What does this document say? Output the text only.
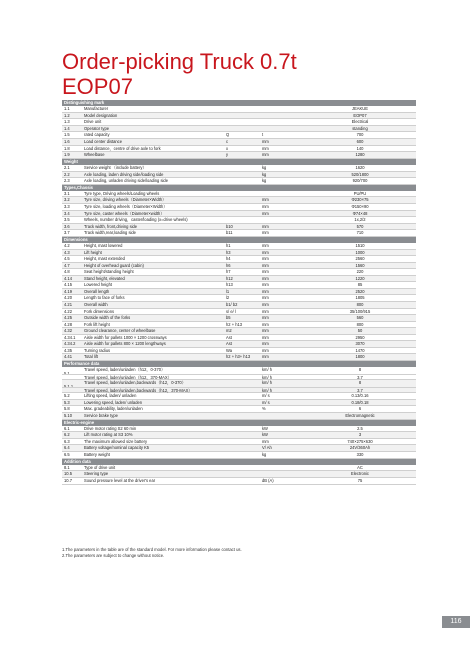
Order-picking Truck 0.7t
EOP07
Distinguishing mark
1.1	Manufacturer	JEAKUE
1.2	Model designation	EOP07
1.3	Drive unit	Electrical
1.4	Operator type	standing
1.5	rated capacity	Q	t	700
1.6	Load center distance	c	mm	600
1.8	Load distance，centre of drive axle to fork	x	mm	140
1.9	Wheelbase	y	mm	1280
Weight
2.1	Service weight （include battery）	kg	1620
2.2	Axle loading, laden driving side/loading side	kg	520/1800
2.3	Axle loading, unladen driving side/loading side	kg	920/700
Types,Chassis
3.1	Tyre type, Driving wheels/Loading wheels	PU/PU
3.2	Tyre size, driving wheels（Diameter×Width）	mm	Φ230×75
3.3	Tyre size, loading wheels（Diameter×Width）	mm	Φ150×90
3.4	Tyre size, caster wheels（Diameter×width）	mm	Φ74×48
3.5	Wheels, number driving，caster/loading (x=drive wheels)	1x,2/2
3.6	Track width, front,driving side	b10	mm	570
3.7	Track width,rear,loading side	b11	mm	710
Dimensions
4.2	Height, mast lowered	h1	mm	1510
4.3	Lift height	h3	mm	1000
4.5	Height, mast extended	h4	mm	2560
4.7	Height of overhead guard (cabin)	h6	mm	1560
4.8	Seat height/standing height	h7	mm	220
4.14	Stand height, elevated	h12	mm	1220
4.15	Lowered height	h13	mm	85
4.19	Overall length	l1	mm	2520
4.20	Length to face of forks	l2	mm	1805
4.21	Overall width	b1/ b2	mm	800
4.22	Fork dimensions	s/ e/ l	mm	35/100/915
4.25	Outside width of the forks	b5	mm	560
4.28	Fork lift height	h2 + h13	mm	800
4.32	Ground clearance, center of wheelbase	m2	mm	50
4.34.1 Aisle width for pallets 1000 × 1200 crossways	Ast	mm	2950
4.34.2 Aisle width for pallets 800 × 1200 lengthways	Ast	mm	3070
4.35	Turning radius	Wa	mm	1470
4.41	Total lift	h2 + h3+ h13	mm	1800
Performance data
5.1
Travel speed, laden/unladen（h12，0-370）	km/ h	8
Travel speed, laden/unladen（h12，370-MAX）	km/ h	3.7
5.1.1
Travel speed, laden/unladen,backwards（h12，0-370）	km/ h	8
Travel speed, laden/unladen,backwards（h12，370-MAX）	km/ h	3.7
5.2	Lifting speed, laden/ unladen	m/ s	0.13/0.16
5.3	Lowering speed, laden/ unladen	m/ s	0.18/0.18
5.8	Max. gradeability, laden/unladen	%	6
5.10	Service brake type	Electromagnetic
Electric-engine
6.1	Drive motor rating S2 60 min	kW	2.5
6.2	Lift motor rating at S3 10%	kW	3
6.3	The maximum allowed size battery	mm	740×275×630
6.4	Battery voltage/nominal capacity K5	V/ Ah	24V/360Ah
6.5	Battery weight	kg	330
Addition data
8.1	Type of drive unit	AC
10.5	Steering type	Electronic
10.7	Sound pressure level at the driver's ear	dB (A)	75
1.The parameters in the table are of the standard model. For more information please contact us.
2.The parameters are subject to change without notice.
116
